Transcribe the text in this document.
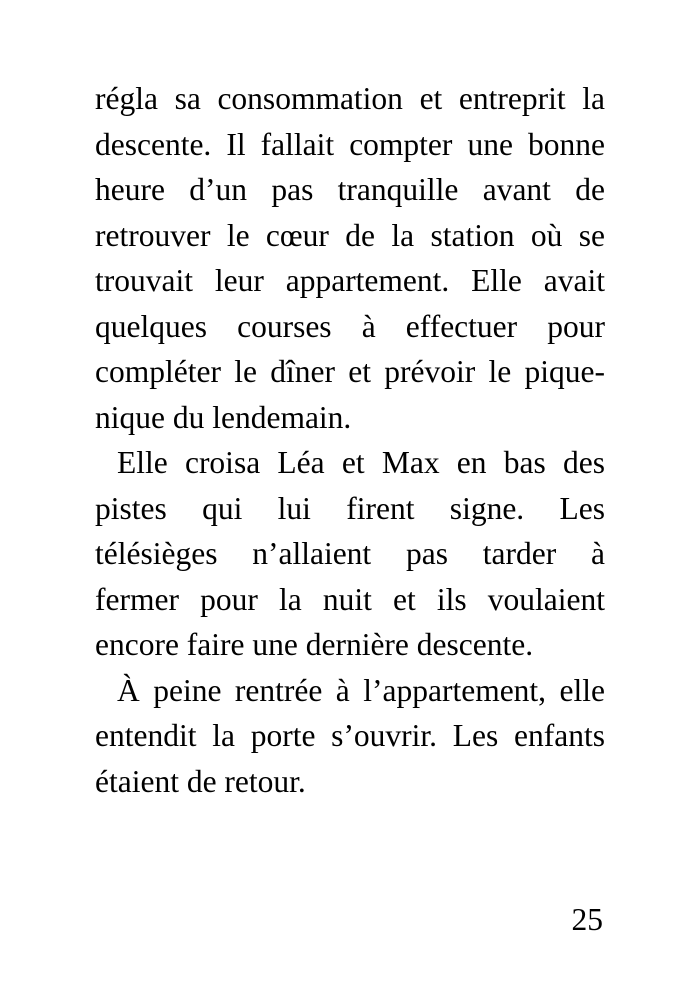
régla sa consommation et entreprit la
descente. Il fallait compter une bonne
heure d’un pas tranquille avant de
retrouver le cœur de la station où se
trouvait leur appartement. Elle avait
quelques courses à effectuer pour
compléter le dîner et prévoir le pique-
nique du lendemain.
Elle croisa Léa et Max en bas des
pistes qui lui firent signe. Les
télésièges n’allaient pas tarder à
fermer pour la nuit et ils voulaient
encore faire une dernière descente.
À peine rentrée à l’appartement, elle
entendit la porte s’ouvrir. Les enfants
étaient de retour.
25
